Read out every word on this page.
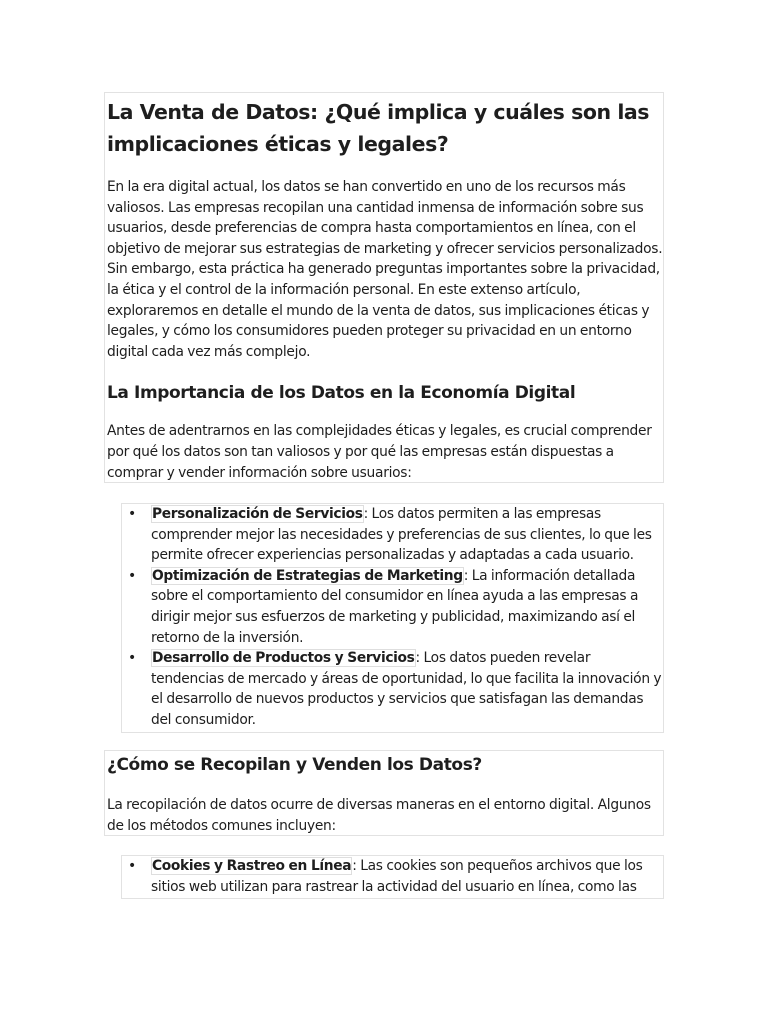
La Venta de Datos: ¿Qué implica y cuáles son las implicaciones éticas y legales?

En la era digital actual, los datos se han convertido en uno de los recursos más valiosos. Las empresas recopilan una cantidad inmensa de información sobre sus usuarios, desde preferencias de compra hasta comportamientos en línea, con el objetivo de mejorar sus estrategias de marketing y ofrecer servicios personalizados. Sin embargo, esta práctica ha generado preguntas importantes sobre la privacidad, la ética y el control de la información personal. En este extenso artículo, exploraremos en detalle el mundo de la venta de datos, sus implicaciones éticas y legales, y cómo los consumidores pueden proteger su privacidad en un entorno digital cada vez más complejo.

La Importancia de los Datos en la Economía Digital

Antes de adentrarnos en las complejidades éticas y legales, es crucial comprender por qué los datos son tan valiosos y por qué las empresas están dispuestas a comprar y vender información sobre usuarios:

• Personalización de Servicios: Los datos permiten a las empresas comprender mejor las necesidades y preferencias de sus clientes, lo que les permite ofrecer experiencias personalizadas y adaptadas a cada usuario.
• Optimización de Estrategias de Marketing: La información detallada sobre el comportamiento del consumidor en línea ayuda a las empresas a dirigir mejor sus esfuerzos de marketing y publicidad, maximizando así el retorno de la inversión.
• Desarrollo de Productos y Servicios: Los datos pueden revelar tendencias de mercado y áreas de oportunidad, lo que facilita la innovación y el desarrollo de nuevos productos y servicios que satisfagan las demandas del consumidor.
¿Cómo se Recopilan y Venden los Datos?

La recopilación de datos ocurre de diversas maneras en el entorno digital. Algunos de los métodos comunes incluyen:

• Cookies y Rastreo en Línea: Las cookies son pequeños archivos que los sitios web utilizan para rastrear la actividad del usuario en línea, como las
